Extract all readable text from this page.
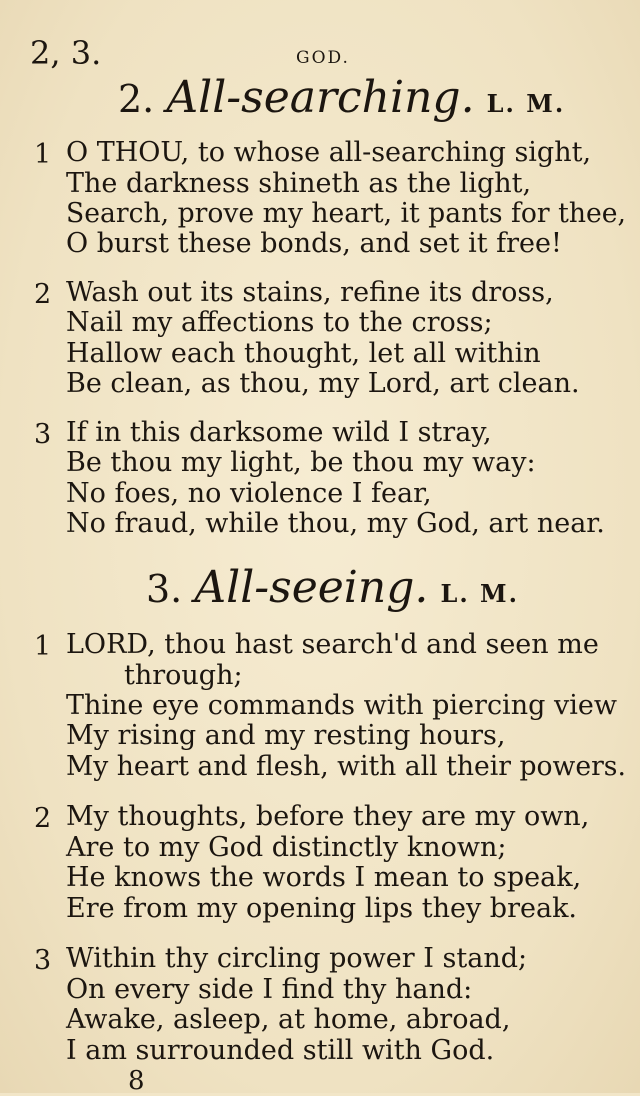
2, 3.	GOD.
2. All-searching. L. M.
1 O THOU, to whose all-searching sight,
The darkness shineth as the light,
Search, prove my heart, it pants for thee,
O burst these bonds, and set it free!
2 Wash out its stains, refine its dross,
Nail my affections to the cross;
Hallow each thought, let all within
Be clean, as thou, my Lord, art clean.
3 If in this darksome wild I stray,
Be thou my light, be thou my way:
No foes, no violence I fear,
No fraud, while thou, my God, art near.
3. All-seeing. L. M.
1 LORD, thou hast search'd and seen me
through;
Thine eye commands with piercing view
My rising and my resting hours,
My heart and flesh, with all their powers.
2 My thoughts, before they are my own,
Are to my God distinctly known;
He knows the words I mean to speak,
Ere from my opening lips they break.
3 Within thy circling power I stand;
On every side I find thy hand:
Awake, asleep, at home, abroad,
I am surrounded still with God.
8
